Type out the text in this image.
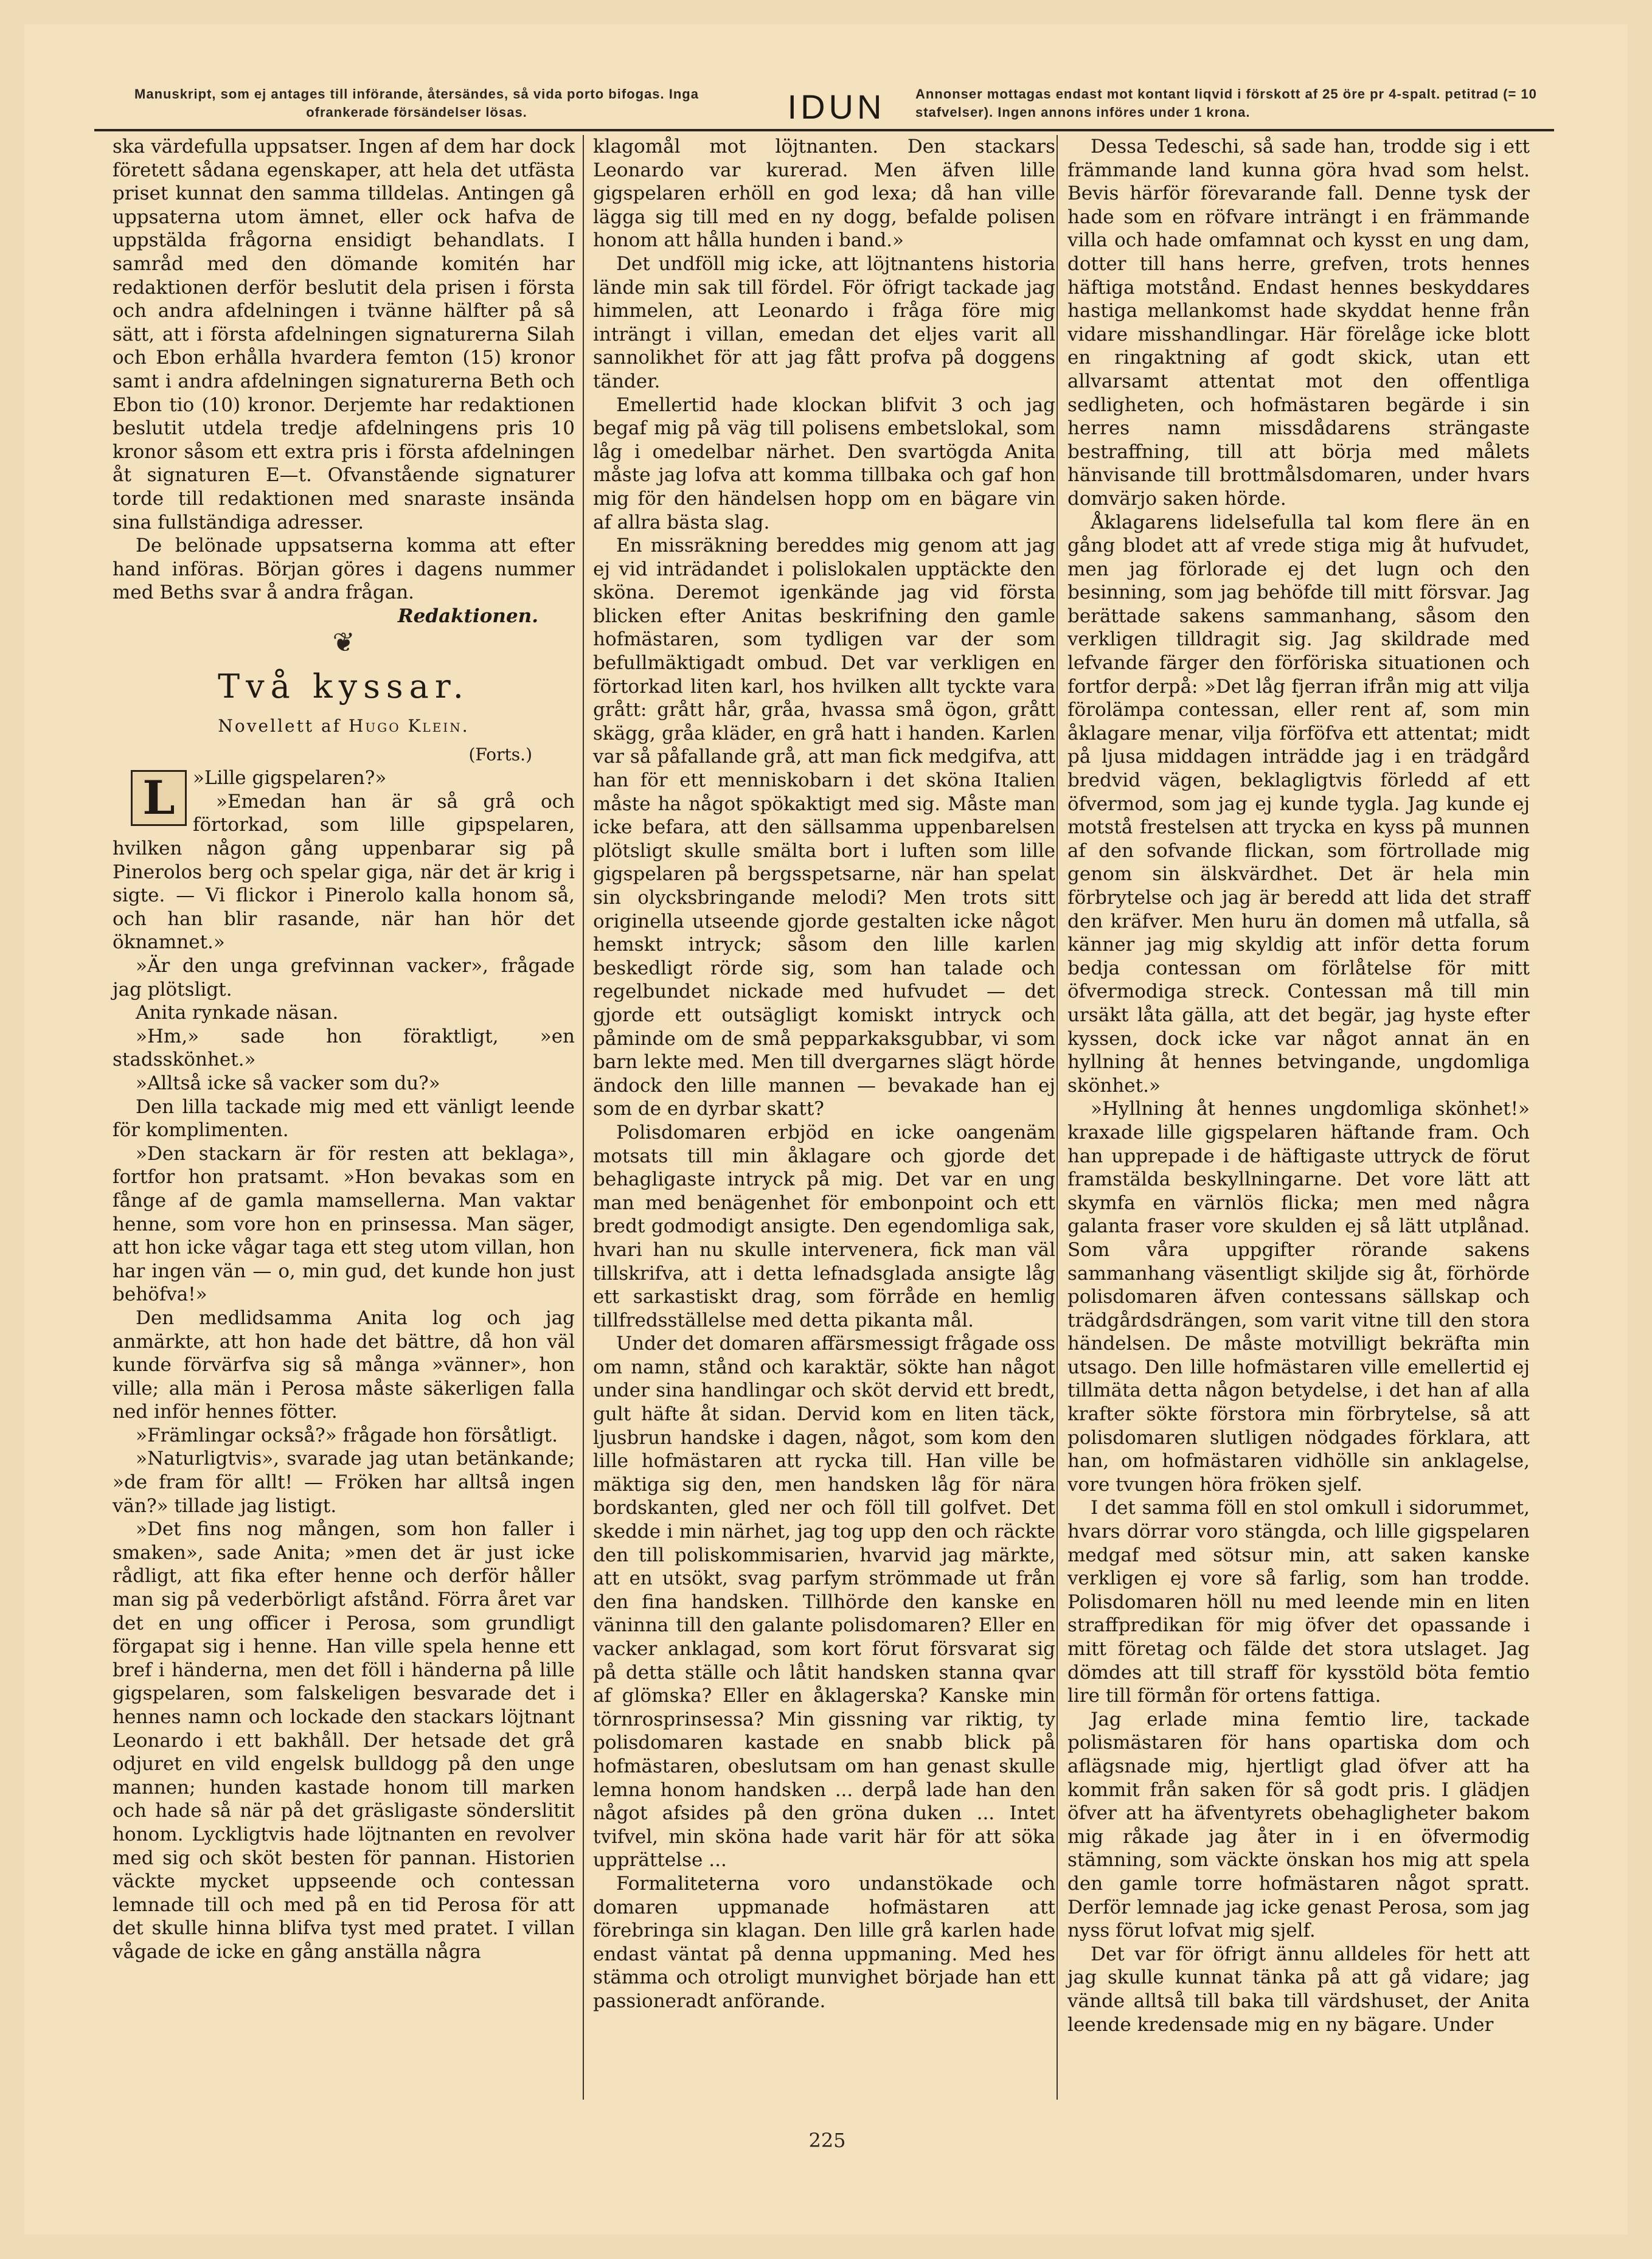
Manuskript, som ej antages till införande, återsändes, så vida porto bifogas. Inga ofrankerade försändelser lösas.	IDUN	Annonser mottagas endast mot kontant liqvid i förskott af 25 öre pr 4-spalt. petitrad (= 10 stafvelser). Ingen annons införes under 1 krona.

ska värdefulla uppsatser. Ingen af dem har dock företett sådana egenskaper, att hela det utfästa priset kunnat den samma tilldelas. Antingen gå uppsaterna utom ämnet, eller ock hafva de uppstälda frågorna ensidigt behandlats. I samråd med den dömande komitén har redaktionen derför beslutit dela prisen i första och andra afdelningen i tvänne hälfter på så sätt, att i första afdelningen signaturerna Silah och Ebon erhålla hvardera femton (15) kronor samt i andra afdelningen signaturerna Beth och Ebon tio (10) kronor. Derjemte har redaktionen beslutit utdela tredje afdelningens pris 10 kronor såsom ett extra pris i första afdelningen åt signaturen E—t. Ofvanstående signaturer torde till redaktionen med snaraste insända sina fullständiga adresser.

De belönade uppsatserna komma att efter hand införas. Början göres i dagens nummer med Beths svar å andra frågan.

Redaktionen.

❦
Två kyssar.
Novellett af Hugo Klein.
(Forts.)
L »Lille gigspelaren?»

»Emedan han är så grå och förtorkad, som lille gipspelaren, hvilken någon gång uppenbarar sig på Pinerolos berg och spelar giga, när det är krig i sigte. — Vi flickor i Pinerolo kalla honom så, och han blir rasande, när han hör det öknamnet.»

»Är den unga grefvinnan vacker», frågade jag plötsligt.

Anita rynkade näsan.

»Hm,» sade hon föraktligt, »en stadsskönhet.»

»Alltså icke så vacker som du?»

Den lilla tackade mig med ett vänligt leende för komplimenten.

»Den stackarn är för resten att beklaga», fortfor hon pratsamt. »Hon bevakas som en fånge af de gamla mamsellerna. Man vaktar henne, som vore hon en prinsessa. Man säger, att hon icke vågar taga ett steg utom villan, hon har ingen vän — o, min gud, det kunde hon just behöfva!»

Den medlidsamma Anita log och jag anmärkte, att hon hade det bättre, då hon väl kunde förvärfva sig så många »vänner», hon ville; alla män i Perosa måste säkerligen falla ned inför hennes fötter.

»Främlingar också?» frågade hon försåtligt.

»Naturligtvis», svarade jag utan betänkande; »de fram för allt! — Fröken har alltså ingen vän?» tillade jag listigt.

»Det fins nog mången, som hon faller i smaken», sade Anita; »men det är just icke rådligt, att fika efter henne och derför håller man sig på vederbörligt afstånd. Förra året var det en ung officer i Perosa, som grundligt förgapat sig i henne. Han ville spela henne ett bref i händerna, men det föll i händerna på lille gigspelaren, som falskeligen besvarade det i hennes namn och lockade den stackars löjtnant Leonardo i ett bakhåll. Der hetsade det grå odjuret en vild engelsk bulldogg på den unge mannen; hunden kastade honom till marken och hade så när på det gräsligaste sönderslitit honom. Lyckligtvis hade löjtnanten en revolver med sig och sköt besten för pannan. Historien väckte mycket uppseende och contessan lemnade till och med på en tid Perosa för att det skulle hinna blifva tyst med pratet. I villan vågade de icke en gång anställa några

klagomål mot löjtnanten. Den stackars Leonardo var kurerad. Men äfven lille gigspelaren erhöll en god lexa; då han ville lägga sig till med en ny dogg, befalde polisen honom att hålla hunden i band.»

Det undföll mig icke, att löjtnantens historia lände min sak till fördel. För öfrigt tackade jag himmelen, att Leonardo i fråga före mig inträngt i villan, emedan det eljes varit all sannolikhet för att jag fått profva på doggens tänder.

Emellertid hade klockan blifvit 3 och jag begaf mig på väg till polisens embetslokal, som låg i omedelbar närhet. Den svartögda Anita måste jag lofva att komma tillbaka och gaf hon mig för den händelsen hopp om en bägare vin af allra bästa slag.

En missräkning bereddes mig genom att jag ej vid inträdandet i polislokalen upptäckte den sköna. Deremot igenkände jag vid första blicken efter Anitas beskrifning den gamle hofmästaren, som tydligen var der som befullmäktigadt ombud. Det var verkligen en förtorkad liten karl, hos hvilken allt tyckte vara grått: grått hår, gråa, hvassa små ögon, grått skägg, gråa kläder, en grå hatt i handen. Karlen var så påfallande grå, att man fick medgifva, att han för ett menniskobarn i det sköna Italien måste ha något spökaktigt med sig. Måste man icke befara, att den sällsamma uppenbarelsen plötsligt skulle smälta bort i luften som lille gigspelaren på bergsspetsarne, när han spelat sin olycksbringande melodi? Men trots sitt originella utseende gjorde gestalten icke något hemskt intryck; såsom den lille karlen beskedligt rörde sig, som han talade och regelbundet nickade med hufvudet — det gjorde ett outsägligt komiskt intryck och påminde om de små pepparkaksgubbar, vi som barn lekte med. Men till dvergarnes slägt hörde ändock den lille mannen — bevakade han ej som de en dyrbar skatt?

Polisdomaren erbjöd en icke oangenäm motsats till min åklagare och gjorde det behagligaste intryck på mig. Det var en ung man med benägenhet för embonpoint och ett bredt godmodigt ansigte. Den egendomliga sak, hvari han nu skulle intervenera, fick man väl tillskrifva, att i detta lefnadsglada ansigte låg ett sarkastiskt drag, som förråde en hemlig tillfredsställelse med detta pikanta mål.

Under det domaren affärsmessigt frågade oss om namn, stånd och karaktär, sökte han något under sina handlingar och sköt dervid ett bredt, gult häfte åt sidan. Dervid kom en liten täck, ljusbrun handske i dagen, något, som kom den lille hofmästaren att rycka till. Han ville be mäktiga sig den, men handsken låg för nära bordskanten, gled ner och föll till golfvet. Det skedde i min närhet, jag tog upp den och räckte den till poliskommisarien, hvarvid jag märkte, att en utsökt, svag parfym strömmade ut från den fina handsken. Tillhörde den kanske en väninna till den galante polisdomaren? Eller en vacker anklagad, som kort förut försvarat sig på detta ställe och låtit handsken stanna qvar af glömska? Eller en åklagerska? Kanske min törnrosprinsessa? Min gissning var riktig, ty polisdomaren kastade en snabb blick på hofmästaren, obeslutsam om han genast skulle lemna honom handsken ... derpå lade han den något afsides på den gröna duken ... Intet tvifvel, min sköna hade varit här för att söka upprättelse ...

Formaliteterna voro undanstökade och domaren uppmanade hofmästaren att förebringa sin klagan. Den lille grå karlen hade endast väntat på denna uppmaning. Med hes stämma och otroligt munvighet började han ett passioneradt anförande.

Dessa Tedeschi, så sade han, trodde sig i ett främmande land kunna göra hvad som helst. Bevis härför förevarande fall. Denne tysk der hade som en röfvare inträngt i en främmande villa och hade omfamnat och kysst en ung dam, dotter till hans herre, grefven, trots hennes häftiga motstånd. Endast hennes beskyddares hastiga mellankomst hade skyddat henne från vidare misshandlingar. Här förelåge icke blott en ringaktning af godt skick, utan ett allvarsamt attentat mot den offentliga sedligheten, och hofmästaren begärde i sin herres namn missdådarens strängaste bestraffning, till att börja med målets hänvisande till brottmålsdomaren, under hvars domvärjo saken hörde.

Åklagarens lidelsefulla tal kom flere än en gång blodet att af vrede stiga mig åt hufvudet, men jag förlorade ej det lugn och den besinning, som jag behöfde till mitt försvar. Jag berättade sakens sammanhang, såsom den verkligen tilldragit sig. Jag skildrade med lefvande färger den förföriska situationen och fortfor derpå: »Det låg fjerran ifrån mig att vilja förolämpa contessan, eller rent af, som min åklagare menar, vilja förföfva ett attentat; midt på ljusa middagen inträdde jag i en trädgård bredvid vägen, beklagligtvis förledd af ett öfvermod, som jag ej kunde tygla. Jag kunde ej motstå frestelsen att trycka en kyss på munnen af den sofvande flickan, som förtrollade mig genom sin älskvärdhet. Det är hela min förbrytelse och jag är beredd att lida det straff den kräfver. Men huru än domen må utfalla, så känner jag mig skyldig att inför detta forum bedja contessan om förlåtelse för mitt öfvermodiga streck. Contessan må till min ursäkt låta gälla, att det begär, jag hyste efter kyssen, dock icke var något annat än en hyllning åt hennes betvingande, ungdomliga skönhet.»

»Hyllning åt hennes ungdomliga skönhet!» kraxade lille gigspelaren häftande fram. Och han upprepade i de häftigaste uttryck de förut framstälda beskyllningarne. Det vore lätt att skymfa en värnlös flicka; men med några galanta fraser vore skulden ej så lätt utplånad. Som våra uppgifter rörande sakens sammanhang väsentligt skiljde sig åt, förhörde polisdomaren äfven contessans sällskap och trädgårdsdrängen, som varit vitne till den stora händelsen. De måste motvilligt bekräfta min utsago. Den lille hofmästaren ville emellertid ej tillmäta detta någon betydelse, i det han af alla krafter sökte förstora min förbrytelse, så att polisdomaren slutligen nödgades förklara, att han, om hofmästaren vidhölle sin anklagelse, vore tvungen höra fröken sjelf.

I det samma föll en stol omkull i sidorummet, hvars dörrar voro stängda, och lille gigspelaren medgaf med sötsur min, att saken kanske verkligen ej vore så farlig, som han trodde. Polisdomaren höll nu med leende min en liten straffpredikan för mig öfver det opassande i mitt företag och fälde det stora utslaget. Jag dömdes att till straff för kysstöld böta femtio lire till förmån för ortens fattiga.

Jag erlade mina femtio lire, tackade polismästaren för hans opartiska dom och aflägsnade mig, hjertligt glad öfver att ha kommit från saken för så godt pris. I glädjen öfver att ha äfventyrets obehagligheter bakom mig råkade jag åter in i en öfvermodig stämning, som väckte önskan hos mig att spela den gamle torre hofmästaren något spratt. Derför lemnade jag icke genast Perosa, som jag nyss förut lofvat mig sjelf.

Det var för öfrigt ännu alldeles för hett att jag skulle kunnat tänka på att gå vidare; jag vände alltså till baka till värdshuset, der Anita leende kredensade mig en ny bägare. Under

225
